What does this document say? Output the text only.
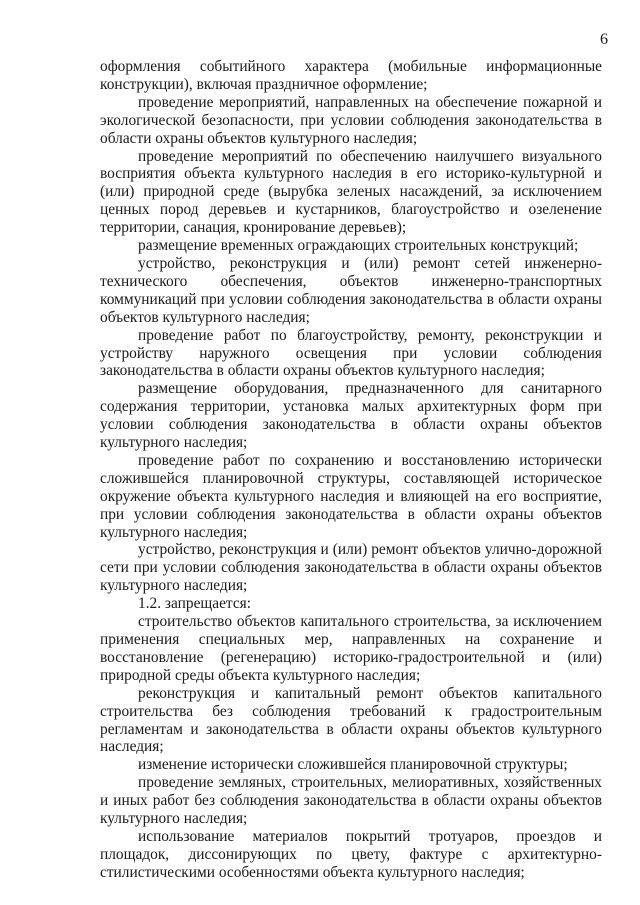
6

оформления событийного характера (мобильные информационные конструкции), включая праздничное оформление;

проведение мероприятий, направленных на обеспечение пожарной и экологической безопасности, при условии соблюдения законодательства в области охраны объектов культурного наследия;

проведение мероприятий по обеспечению наилучшего визуального восприятия объекта культурного наследия в его историко-культурной и (или) природной среде (вырубка зеленых насаждений, за исключением ценных пород деревьев и кустарников, благоустройство и озеленение территории, санация, кронирование деревьев);

размещение временных ограждающих строительных конструкций;

устройство, реконструкция и (или) ремонт сетей инженерно-технического обеспечения, объектов инженерно-транспортных коммуникаций при условии соблюдения законодательства в области охраны объектов культурного наследия;

проведение работ по благоустройству, ремонту, реконструкции и устройству наружного освещения при условии соблюдения законодательства в области охраны объектов культурного наследия;

размещение оборудования, предназначенного для санитарного содержания территории, установка малых архитектурных форм при условии соблюдения законодательства в области охраны объектов культурного наследия;

проведение работ по сохранению и восстановлению исторически сложившейся планировочной структуры, составляющей историческое окружение объекта культурного наследия и влияющей на его восприятие, при условии соблюдения законодательства в области охраны объектов культурного наследия;

устройство, реконструкция и (или) ремонт объектов улично-дорожной сети при условии соблюдения законодательства в области охраны объектов культурного наследия;

1.2. запрещается:

строительство объектов капитального строительства, за исключением применения специальных мер, направленных на сохранение и восстановление (регенерацию) историко-градостроительной и (или) природной среды объекта культурного наследия;

реконструкция и капитальный ремонт объектов капитального строительства без соблюдения требований к градостроительным регламентам и законодательства в области охраны объектов культурного наследия;

изменение исторически сложившейся планировочной структуры;

проведение земляных, строительных, мелиоративных, хозяйственных и иных работ без соблюдения законодательства в области охраны объектов культурного наследия;

использование материалов покрытий тротуаров, проездов и площадок, диссонирующих по цвету, фактуре с архитектурно-стилистическими особенностями объекта культурного наследия;
